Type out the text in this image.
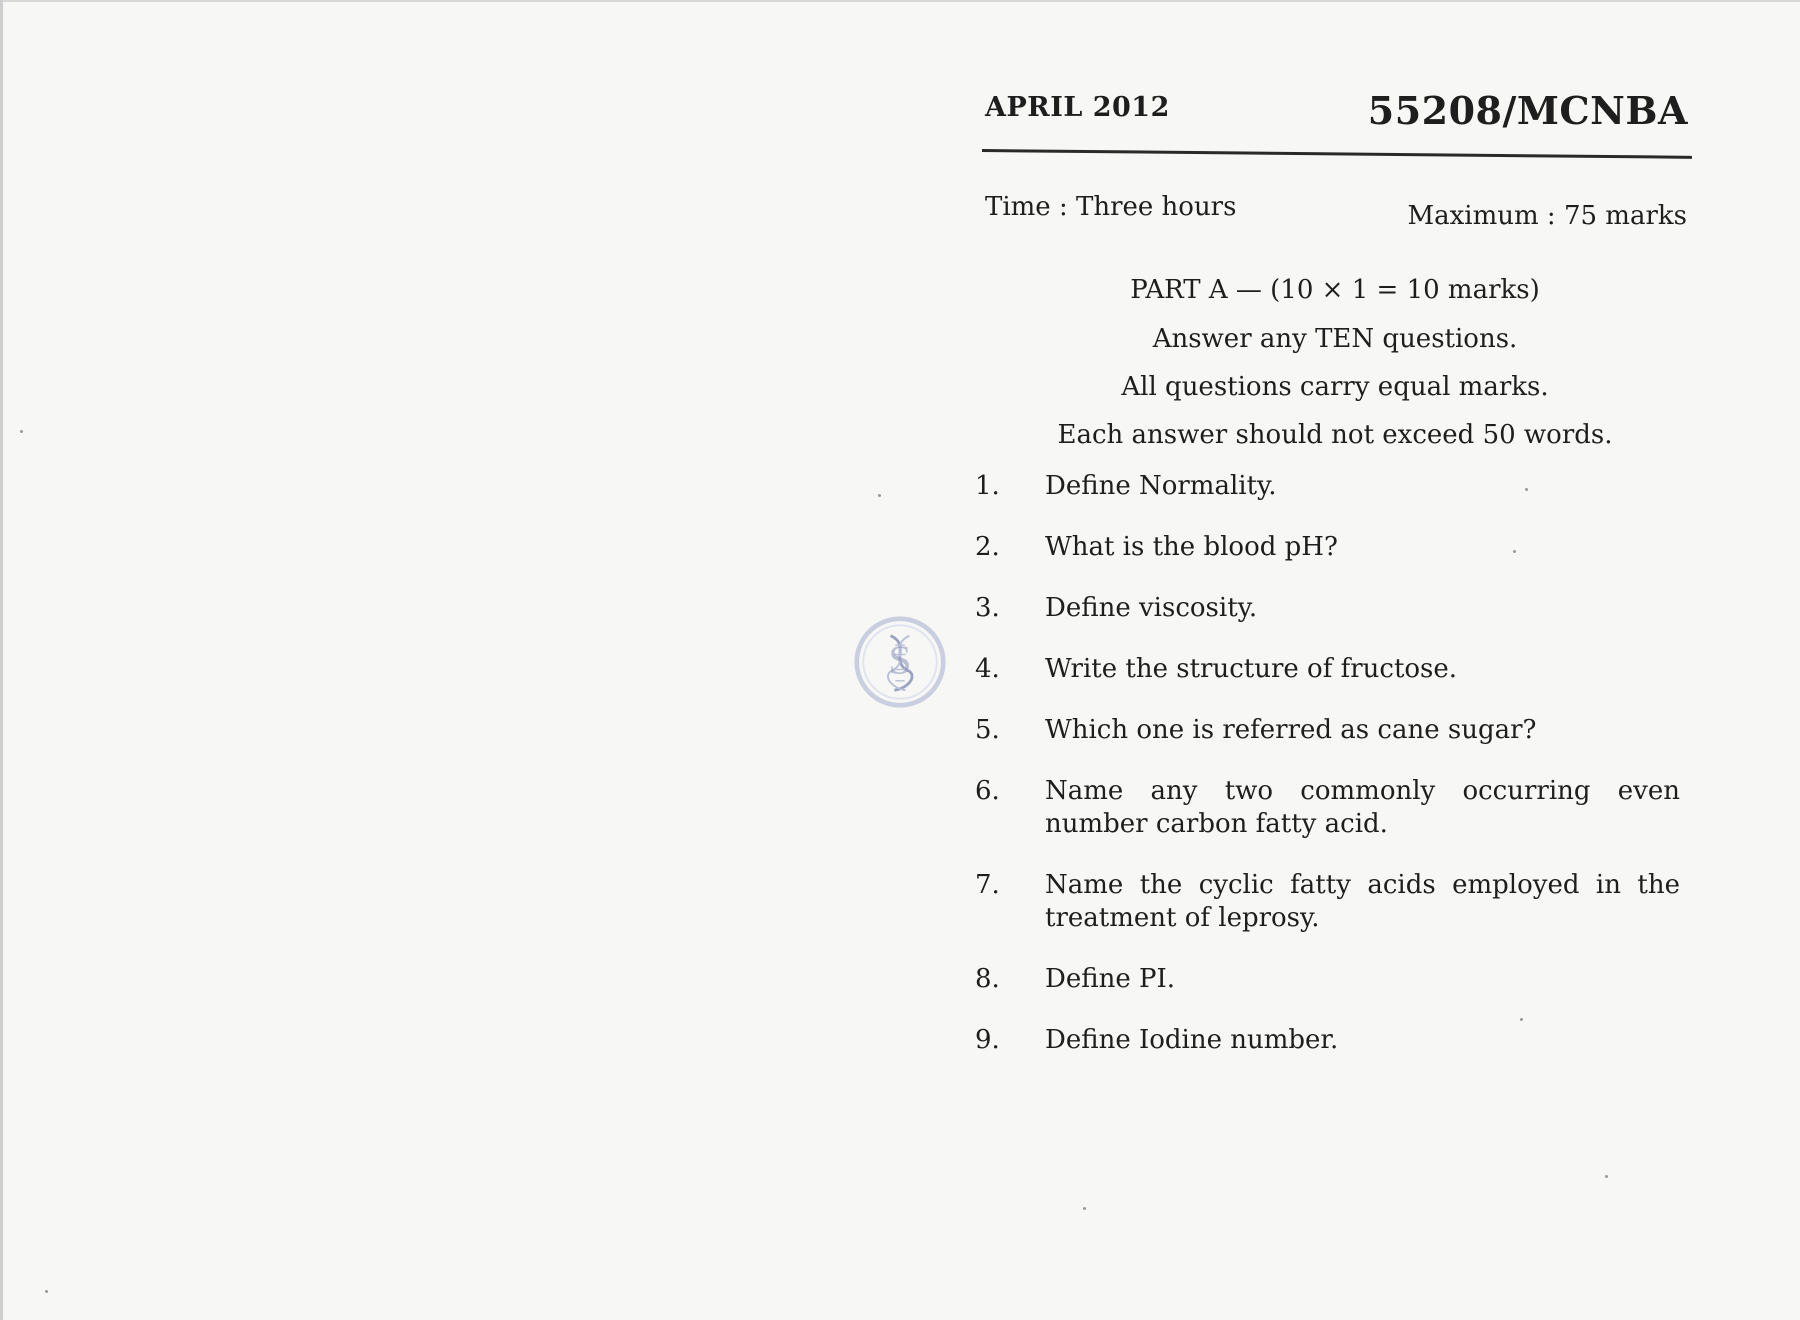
APRIL 2012	55208/MCNBA
Time : Three hours	Maximum : 75 marks
PART A — (10 × 1 = 10 marks)
Answer any TEN questions.
All questions carry equal marks.
Each answer should not exceed 50 words.
S
1.	Define Normality.
2.	What is the blood pH?
3.	Define viscosity.
4.	Write the structure of fructose.
5.	Which one is referred as cane sugar?
6.	Name any two commonly occurring even number carbon fatty acid.
7.	Name the cyclic fatty acids employed in the treatment of leprosy.
8.	Define PI.
9.	Define Iodine number.
